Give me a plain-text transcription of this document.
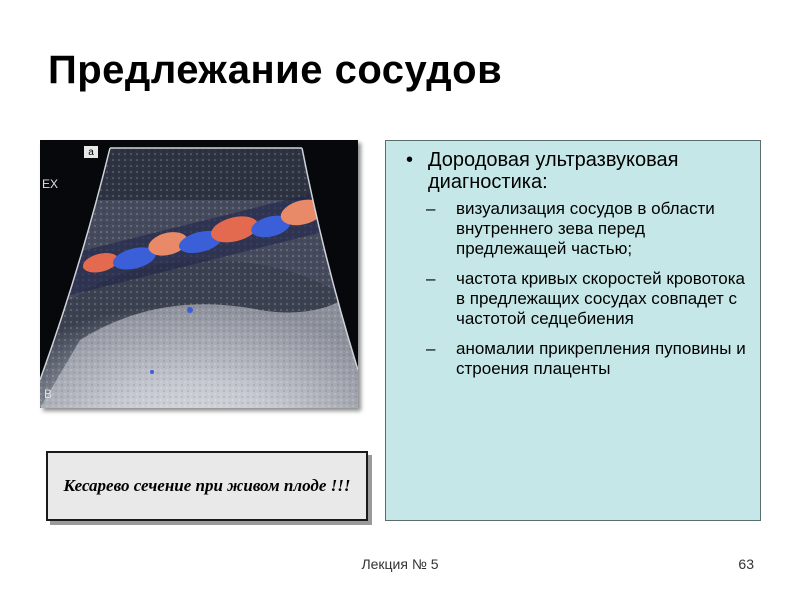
Предлежание сосудов
a
EX
B
Кесарево сечение при живом плоде !!!
• Дородовая ультразвуковая диагностика:
– визуализация сосудов в области внутреннего зева перед предлежащей частью;
– частота кривых скоростей кровотока в предлежащих сосудах совпадет с частотой седцебиения
– аномалии прикрепления пуповины и строения плаценты
Лекция № 5	63
